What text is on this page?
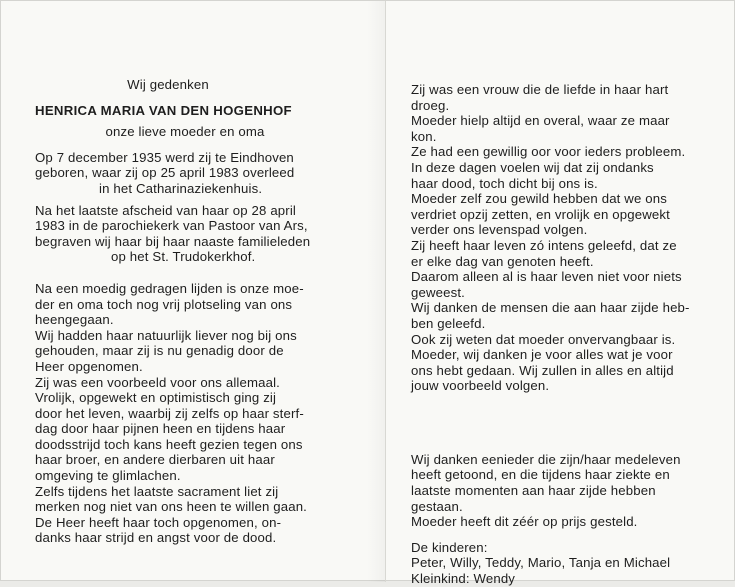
Wij gedenken
HENRICA MARIA VAN DEN HOGENHOF
onze lieve moeder en oma
Op 7 december 1935 werd zij te Eindhoven
geboren, waar zij op 25 april 1983 overleed
in het Catharinaziekenhuis.
Na het laatste afscheid van haar op 28 april
1983 in de parochiekerk van Pastoor van Ars,
begraven wij haar bij haar naaste familieleden
op het St. Trudokerkhof.
Na een moedig gedragen lijden is onze moe-
der en oma toch nog vrij plotseling van ons
heengegaan.
Wij hadden haar natuurlijk liever nog bij ons
gehouden, maar zij is nu genadig door de
Heer opgenomen.
Zij was een voorbeeld voor ons allemaal.
Vrolijk, opgewekt en optimistisch ging zij
door het leven, waarbij zij zelfs op haar sterf-
dag door haar pijnen heen en tijdens haar
doodsstrijd toch kans heeft gezien tegen ons
haar broer, en andere dierbaren uit haar
omgeving te glimlachen.
Zelfs tijdens het laatste sacrament liet zij
merken nog niet van ons heen te willen gaan.
De Heer heeft haar toch opgenomen, on-
danks haar strijd en angst voor de dood.
Zij was een vrouw die de liefde in haar hart
droeg.
Moeder hielp altijd en overal, waar ze maar
kon.
Ze had een gewillig oor voor ieders probleem.
In deze dagen voelen wij dat zij ondanks
haar dood, toch dicht bij ons is.
Moeder zelf zou gewild hebben dat we ons
verdriet opzij zetten, en vrolijk en opgewekt
verder ons levenspad volgen.
Zij heeft haar leven zó intens geleefd, dat ze
er elke dag van genoten heeft.
Daarom alleen al is haar leven niet voor niets
geweest.
Wij danken de mensen die aan haar zijde heb-
ben geleefd.
Ook zij weten dat moeder onvervangbaar is.
Moeder, wij danken je voor alles wat je voor
ons hebt gedaan. Wij zullen in alles en altijd
jouw voorbeeld volgen.
Wij danken eenieder die zijn/haar medeleven
heeft getoond, en die tijdens haar ziekte en
laatste momenten aan haar zijde hebben
gestaan.
Moeder heeft dit zéér op prijs gesteld.
De kinderen:
Peter, Willy, Teddy, Mario, Tanja en Michael
Kleinkind: Wendy
